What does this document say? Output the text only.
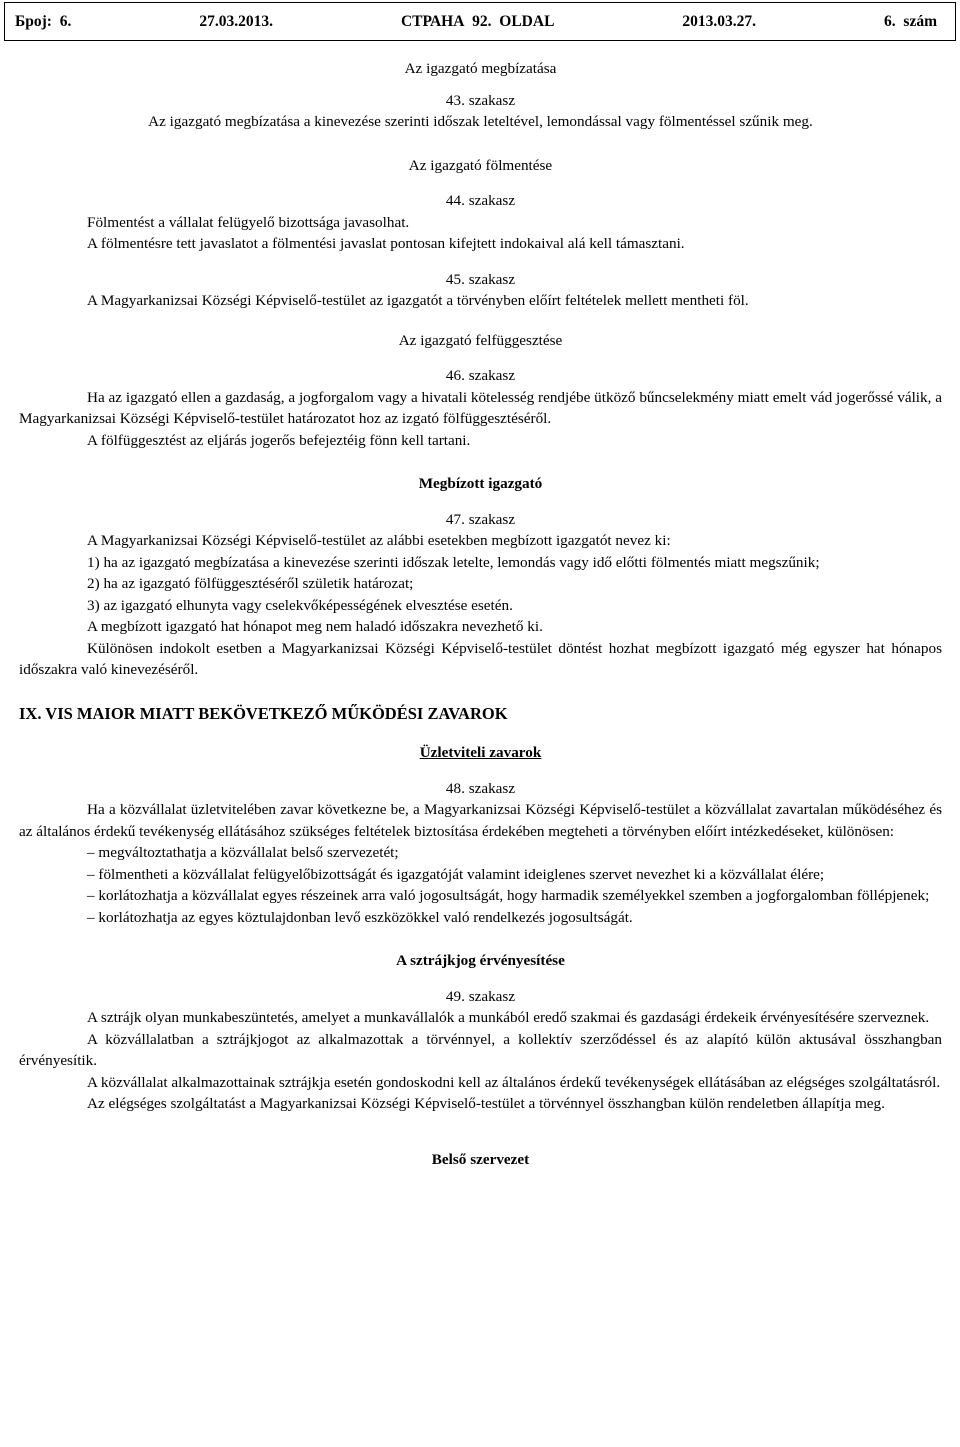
Број:  6.	27.03.2013.	СТРАНА  92.  OLDAL	2013.03.27.	6.  szám
Az igazgató megbízatása
43. szakasz
Az igazgató megbízatása a kinevezése szerinti időszak leteltével, lemondással vagy fölmentéssel szűnik meg.
Az igazgató fölmentése
44. szakasz
Fölmentést a vállalat felügyelő bizottsága javasolhat.
A fölmentésre tett javaslatot a fölmentési javaslat pontosan kifejtett indokaival alá kell támasztani.
45. szakasz
A Magyarkanizsai Községi Képviselő-testület az igazgatót a törvényben előírt feltételek mellett mentheti föl.
Az igazgató felfüggesztése
46. szakasz
Ha az igazgató ellen a gazdaság, a jogforgalom vagy a hivatali kötelesség rendjébe ütköző bűncselekmény miatt emelt vád jogerőssé válik, a Magyarkanizsai Községi Képviselő-testület határozatot hoz az izgató fölfüggesztéséről.
A fölfüggesztést az eljárás jogerős befejeztéig fönn kell tartani.
Megbízott igazgató
47. szakasz
A Magyarkanizsai Községi Képviselő-testület az alábbi esetekben megbízott igazgatót nevez ki:
1) ha az igazgató megbízatása a kinevezése szerinti időszak letelte, lemondás vagy idő előtti fölmentés miatt megszűnik;
2) ha az igazgató fölfüggesztéséről születik határozat;
3) az igazgató elhunyta vagy cselekvőképességének elvesztése esetén.
A megbízott igazgató hat hónapot meg nem haladó időszakra nevezhető ki.
Különösen indokolt esetben a Magyarkanizsai Községi Képviselő-testület döntést hozhat megbízott igazgató még egyszer hat hónapos időszakra való kinevezéséről.
IX. VIS MAIOR MIATT BEKÖVETKEZŐ MŰKÖDÉSI ZAVAROK
Üzletviteli zavarok
48. szakasz
Ha a közvállalat üzletvitelében zavar következne be, a Magyarkanizsai Községi Képviselő-testület a közvállalat zavartalan működéséhez és az általános érdekű tevékenység ellátásához szükséges feltételek biztosítása érdekében megteheti a törvényben előírt intézkedéseket, különösen:
– megváltoztathatja a közvállalat belső szervezetét;
– fölmentheti a közvállalat felügyelőbizottságát és igazgatóját valamint ideiglenes szervet nevezhet ki a közvállalat élére;
– korlátozhatja a közvállalat egyes részeinek arra való jogosultságát, hogy harmadik személyekkel szemben a jogforgalomban föllépjenek;
– korlátozhatja az egyes köztulajdonban levő eszközökkel való rendelkezés jogosultságát.
A sztrájkjog érvényesítése
49. szakasz
A sztrájk olyan munkabeszüntetés, amelyet a munkavállalók a munkából eredő szakmai és gazdasági érdekeik érvényesítésére szerveznek.
A közvállalatban a sztrájkjogot az alkalmazottak a törvénnyel, a kollektív szerződéssel és az alapító külön aktusával összhangban érvényesítik.
A közvállalat alkalmazottainak sztrájkja esetén gondoskodni kell az általános érdekű tevékenységek ellátásában az elégséges szolgáltatásról.
Az elégséges szolgáltatást a Magyarkanizsai Községi Képviselő-testület a törvénnyel összhangban külön rendeletben állapítja meg.
Belső szervezet
